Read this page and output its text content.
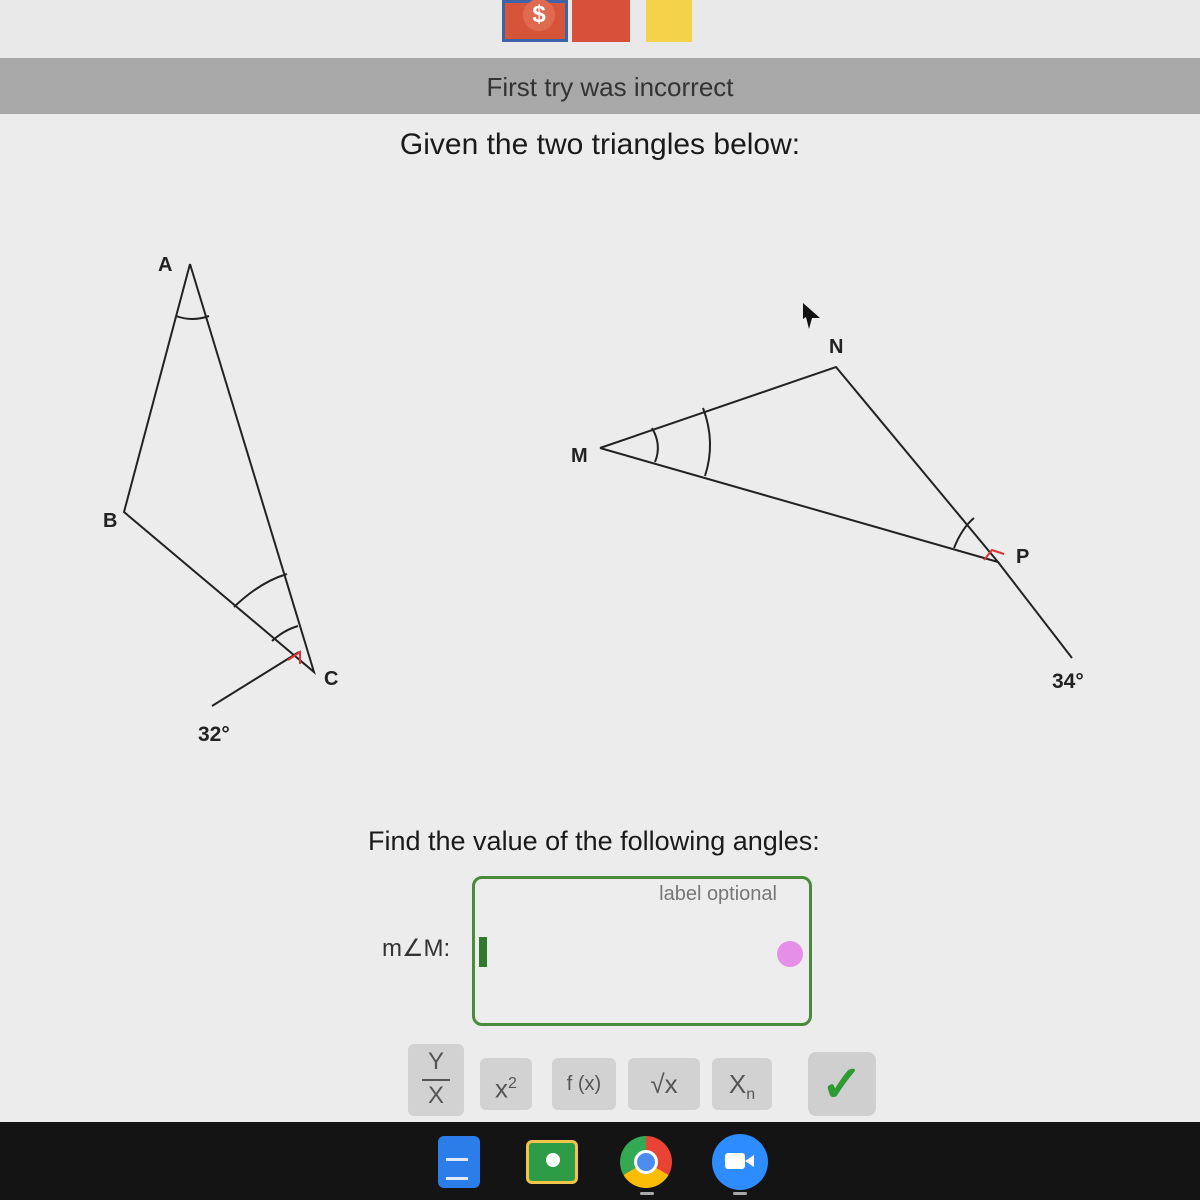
$
First try was incorrect
Given the two triangles below:
A
B
C
32°
M
N
P
34°
Find the value of the following angles:
m∠M:
label optional
Y
X	$x^2$	f (x)	√x	$X_n$	✓
